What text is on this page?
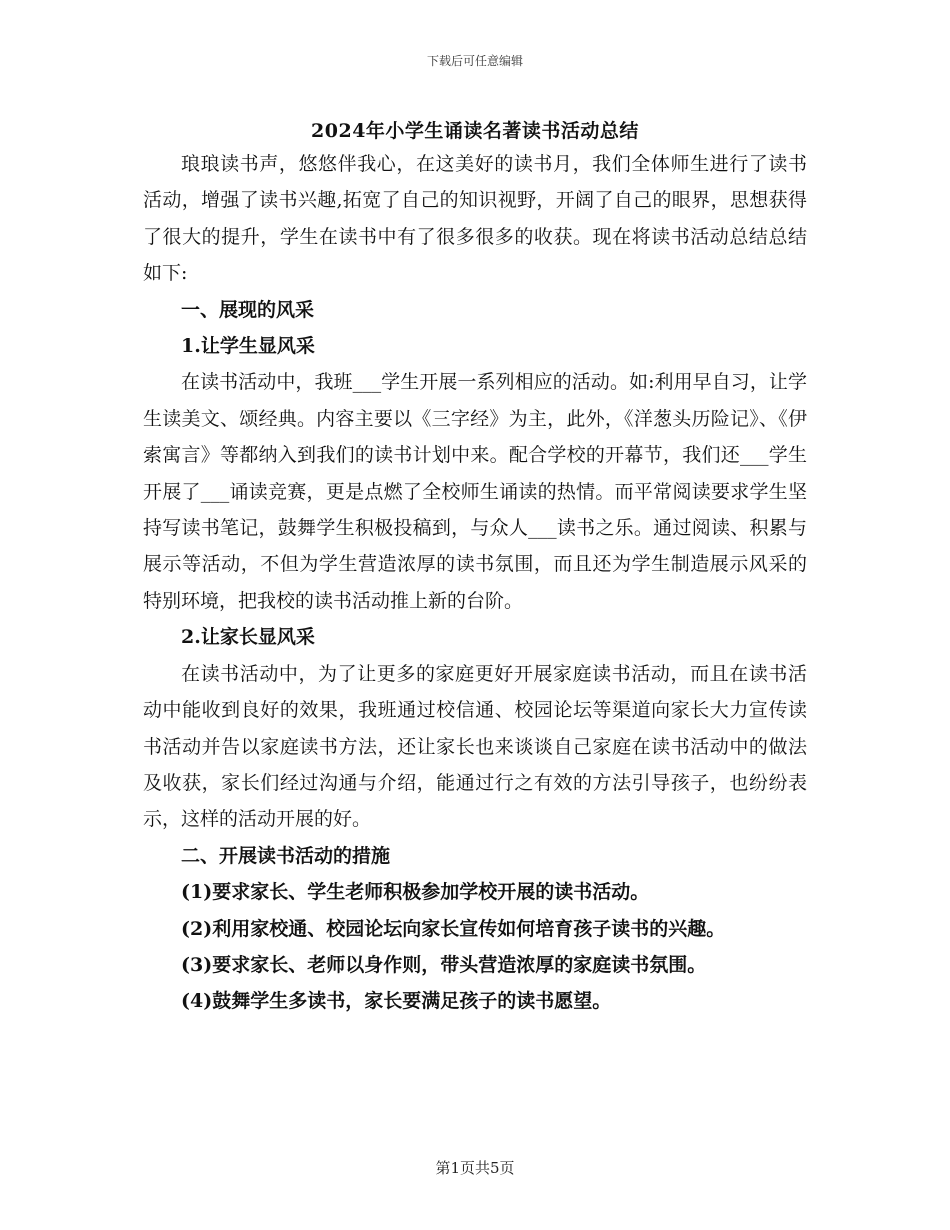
下载后可任意编辑
2024年小学生诵读名著读书活动总结

琅琅读书声，悠悠伴我心，在这美好的读书月，我们全体师生进行了读书活动，增强了读书兴趣,拓宽了自己的知识视野，开阔了自己的眼界，思想获得了很大的提升，学生在读书中有了很多很多的收获。现在将读书活动总结总结如下:

一、展现的风采

1.让学生显风采

在读书活动中，我班___学生开展一系列相应的活动。如:利用早自习，让学生读美文、颂经典。内容主要以《三字经》为主，此外，《洋葱头历险记》、《伊索寓言》等都纳入到我们的读书计划中来。配合学校的开幕节，我们还___学生开展了___诵读竞赛，更是点燃了全校师生诵读的热情。而平常阅读要求学生坚持写读书笔记，鼓舞学生积极投稿到，与众人___读书之乐。通过阅读、积累与展示等活动，不但为学生营造浓厚的读书氛围，而且还为学生制造展示风采的特别环境，把我校的读书活动推上新的台阶。

2.让家长显风采

在读书活动中，为了让更多的家庭更好开展家庭读书活动，而且在读书活动中能收到良好的效果，我班通过校信通、校园论坛等渠道向家长大力宣传读书活动并告以家庭读书方法，还让家长也来谈谈自己家庭在读书活动中的做法及收获，家长们经过沟通与介绍，能通过行之有效的方法引导孩子，也纷纷表示，这样的活动开展的好。

二、开展读书活动的措施

(1)要求家长、学生老师积极参加学校开展的读书活动。

(2)利用家校通、校园论坛向家长宣传如何培育孩子读书的兴趣。

(3)要求家长、老师以身作则，带头营造浓厚的家庭读书氛围。

(4)鼓舞学生多读书，家长要满足孩子的读书愿望。

第1页共5页
